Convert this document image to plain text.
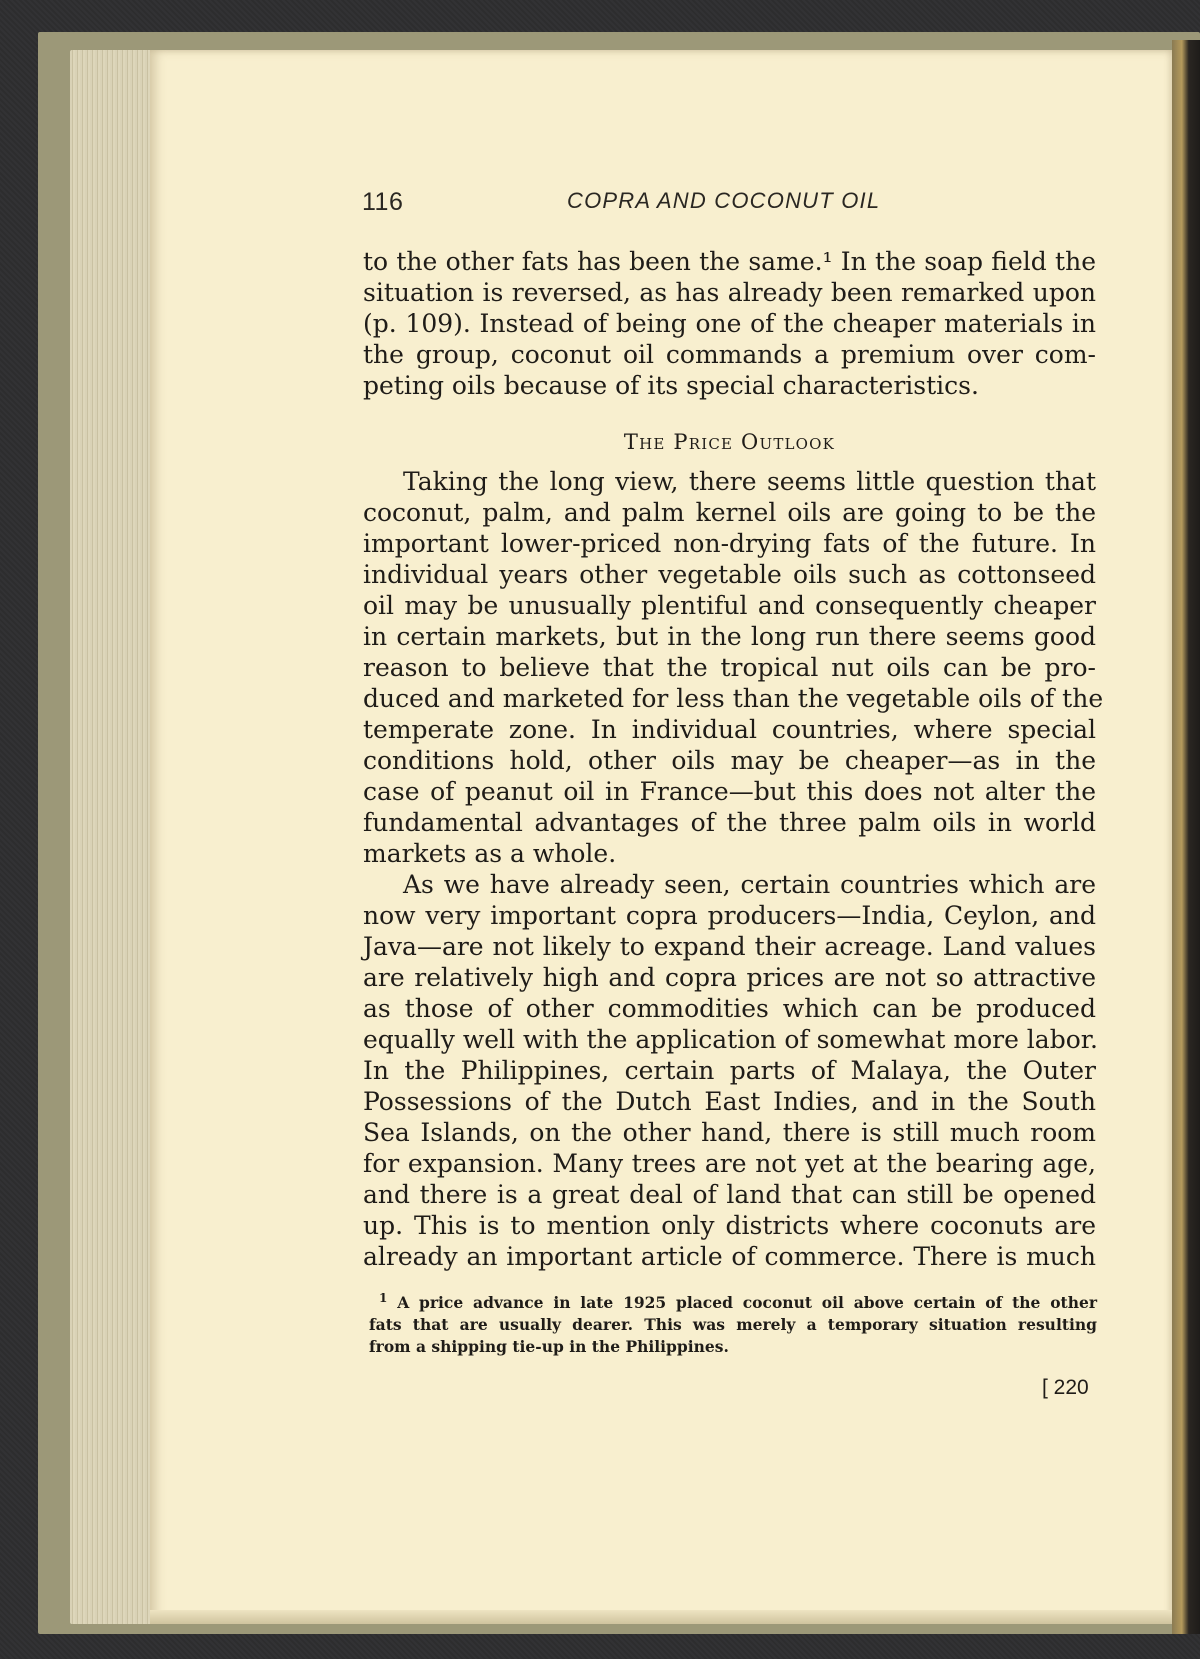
116	COPRA AND COCONUT OIL
to the other fats has been the same.¹ In the soap field the
situation is reversed, as has already been remarked upon
(p. 109). Instead of being one of the cheaper materials in
the group, coconut oil commands a premium over com-
peting oils because of its special characteristics.
The Price Outlook
Taking the long view, there seems little question that
coconut, palm, and palm kernel oils are going to be the
important lower-priced non-drying fats of the future. In
individual years other vegetable oils such as cottonseed
oil may be unusually plentiful and consequently cheaper
in certain markets, but in the long run there seems good
reason to believe that the tropical nut oils can be pro-
duced and marketed for less than the vegetable oils of the
temperate zone. In individual countries, where special
conditions hold, other oils may be cheaper—as in the
case of peanut oil in France—but this does not alter the
fundamental advantages of the three palm oils in world
markets as a whole.
As we have already seen, certain countries which are
now very important copra producers—India, Ceylon, and
Java—are not likely to expand their acreage. Land values
are relatively high and copra prices are not so attractive
as those of other commodities which can be produced
equally well with the application of somewhat more labor.
In the Philippines, certain parts of Malaya, the Outer
Possessions of the Dutch East Indies, and in the South
Sea Islands, on the other hand, there is still much room
for expansion. Many trees are not yet at the bearing age,
and there is a great deal of land that can still be opened
up. This is to mention only districts where coconuts are
already an important article of commerce. There is much
$^1$ A price advance in late 1925 placed coconut oil above certain of the other
fats that are usually dearer. This was merely a temporary situation resulting
from a shipping tie-up in the Philippines.
[ 220
